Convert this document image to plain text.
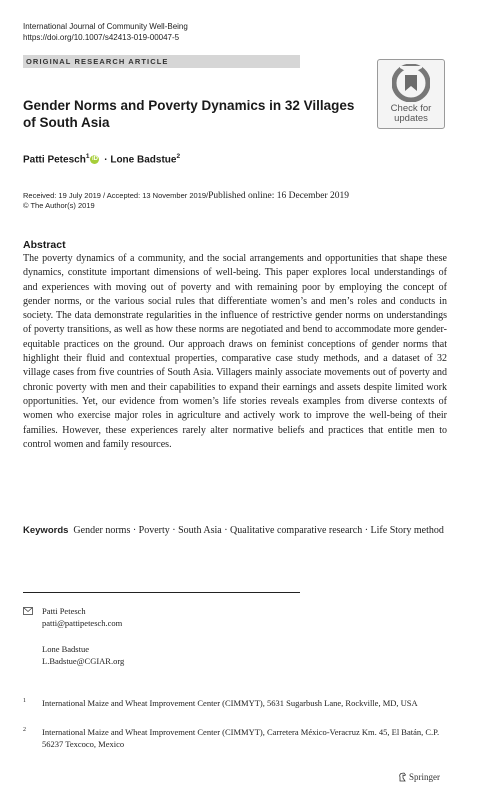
International Journal of Community Well-Being
https://doi.org/10.1007/s42413-019-00047-5
ORIGINAL RESEARCH ARTICLE
Check for
updates
Gender Norms and Poverty Dynamics in 32 Villages of South Asia
Patti Petesch$^1$ iD · Lone Badstue$^2$
Received: 19 July 2019 / Accepted: 13 November 2019/Published online: 16 December 2019
© The Author(s) 2019
Abstract
The poverty dynamics of a community, and the social arrangements and opportunities that shape these dynamics, constitute important dimensions of well-being. This paper explores local understandings of and experiences with moving out of poverty and with remaining poor by employing the concept of gender norms, or the various social rules that differentiate women’s and men’s roles and conducts in society. The data demonstrate regularities in the influence of restrictive gender norms on understandings of poverty transitions, as well as how these norms are negotiated and bend to accommodate more gender-equitable practices on the ground. Our approach draws on feminist conceptions of gender norms that highlight their fluid and contextual properties, comparative case study methods, and a dataset of 32 village cases from five countries of South Asia. Villagers mainly associate movements out of poverty and chronic poverty with men and their capabilities to expand their earnings and assets despite limited work opportunities. Yet, our evidence from women’s life stories reveals examples from diverse contexts of women who exercise major roles in agriculture and actively work to improve the well-being of their families. However, these experiences rarely alter normative beliefs and practices that entitle men to control women and family resources.
Keywords Gender norms · Poverty · South Asia · Qualitative comparative research · Life Story method
Patti Petesch
patti@pattipetesch.com
Lone Badstue
L.Badstue@CGIAR.org
1 International Maize and Wheat Improvement Center (CIMMYT), 5631 Sugarbush Lane, Rockville, MD, USA
2 International Maize and Wheat Improvement Center (CIMMYT), Carretera México-Veracruz Km. 45, El Batán, C.P. 56237 Texcoco, Mexico
Springer
